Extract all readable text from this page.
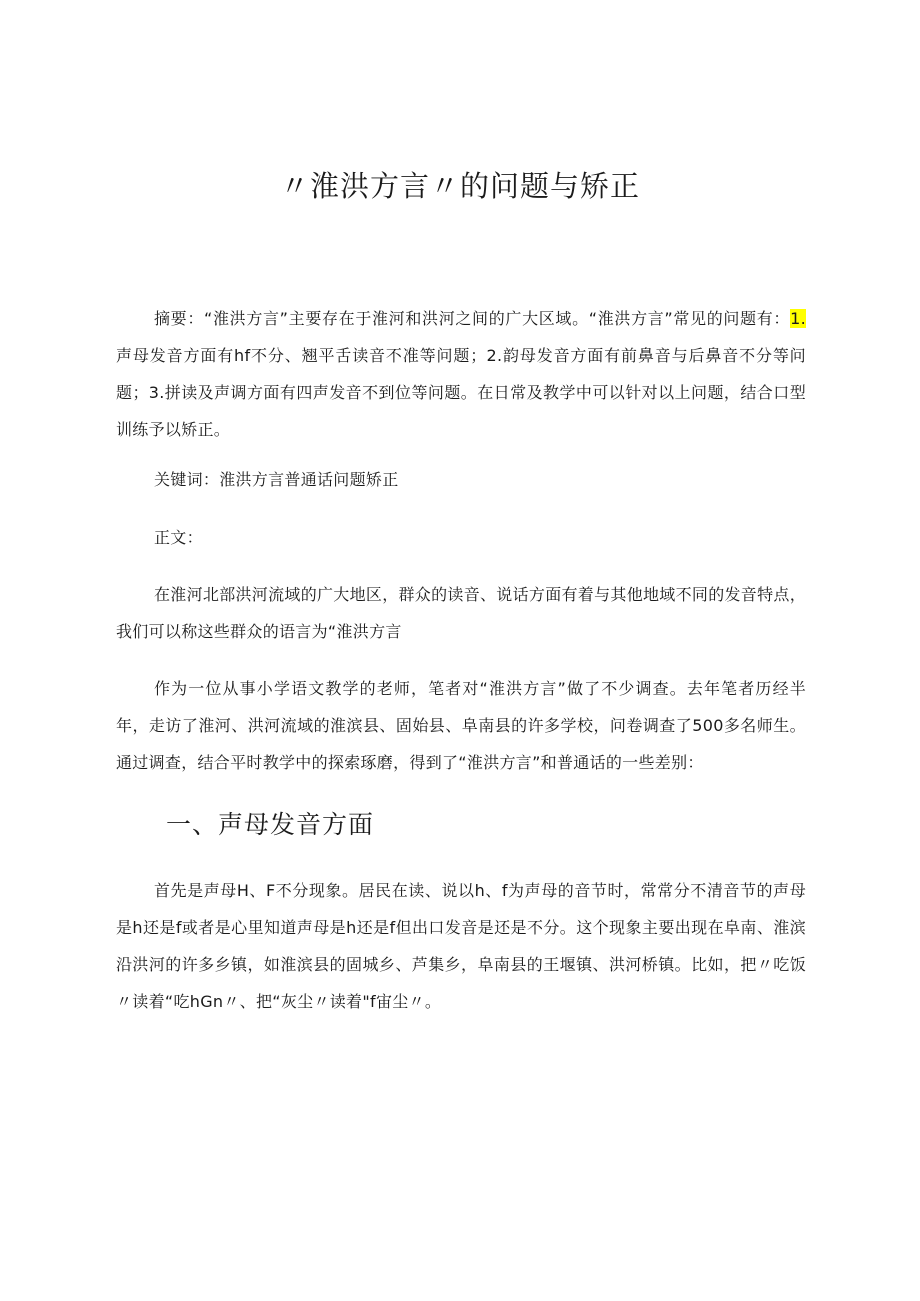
〃淮洪方言〃的问题与矫正

摘要：“淮洪方言”主要存在于淮河和洪河之间的广大区域。“淮洪方言”常见的问题有：1.声母发音方面有hf不分、翘平舌读音不准等问题；2.韵母发音方面有前鼻音与后鼻音不分等问题；3.拼读及声调方面有四声发音不到位等问题。在日常及教学中可以针对以上问题，结合口型训练予以矫正。

关键词：淮洪方言普通话问题矫正

正文：

在淮河北部洪河流域的广大地区，群众的读音、说话方面有着与其他地域不同的发音特点，我们可以称这些群众的语言为“淮洪方言

作为一位从事小学语文教学的老师，笔者对“淮洪方言”做了不少调查。去年笔者历经半年，走访了淮河、洪河流域的淮滨县、固始县、阜南县的许多学校，问卷调查了500多名师生。通过调查，结合平时教学中的探索琢磨，得到了“淮洪方言”和普通话的一些差别：

一、声母发音方面

首先是声母H、F不分现象。居民在读、说以h、f为声母的音节时，常常分不清音节的声母是h还是f或者是心里知道声母是h还是f但出口发音是还是不分。这个现象主要出现在阜南、淮滨沿洪河的许多乡镇，如淮滨县的固城乡、芦集乡，阜南县的王堰镇、洪河桥镇。比如，把〃吃饭〃读着“吃hGn〃、把“灰尘〃读着"f宙尘〃。
